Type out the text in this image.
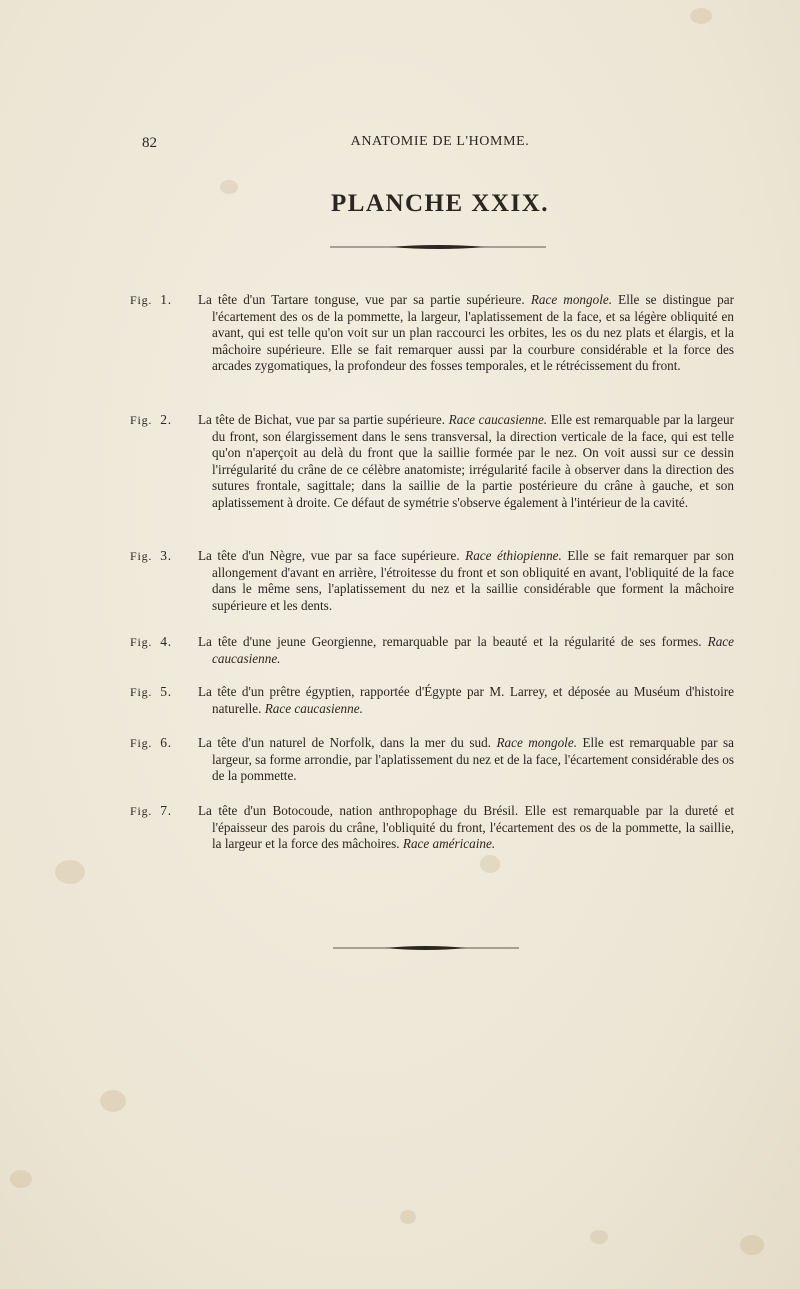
82	ANATOMIE DE L'HOMME.
PLANCHE XXIX.
Fig. 1. La tête d'un Tartare tonguse, vue par sa partie supérieure. Race mongole. Elle se distingue par l'écartement des os de la pommette, la largeur, l'aplatissement de la face, et sa légère obliquité en avant, qui est telle qu'on voit sur un plan raccourci les orbites, les os du nez plats et élargis, et la mâchoire supérieure. Elle se fait remarquer aussi par la courbure considérable et la force des arcades zygomatiques, la profondeur des fosses temporales, et le rétrécissement du front.
Fig. 2. La tête de Bichat, vue par sa partie supérieure. Race caucasienne. Elle est remarquable par la largeur du front, son élargissement dans le sens transversal, la direction verticale de la face, qui est telle qu'on n'aperçoit au delà du front que la saillie formée par le nez. On voit aussi sur ce dessin l'irrégularité du crâne de ce célèbre anatomiste; irrégularité facile à observer dans la direction des sutures frontale, sagittale; dans la saillie de la partie postérieure du crâne à gauche, et son aplatissement à droite. Ce défaut de symétrie s'observe également à l'intérieur de la cavité.
Fig. 3. La tête d'un Nègre, vue par sa face supérieure. Race éthiopienne. Elle se fait remarquer par son allongement d'avant en arrière, l'étroitesse du front et son obliquité en avant, l'obliquité de la face dans le même sens, l'aplatissement du nez et la saillie considérable que forment la mâchoire supérieure et les dents.
Fig. 4. La tête d'une jeune Georgienne, remarquable par la beauté et la régularité de ses formes. Race caucasienne.
Fig. 5. La tête d'un prêtre égyptien, rapportée d'Égypte par M. Larrey, et déposée au Muséum d'histoire naturelle. Race caucasienne.
Fig. 6. La tête d'un naturel de Norfolk, dans la mer du sud. Race mongole. Elle est remarquable par sa largeur, sa forme arrondie, par l'aplatissement du nez et de la face, l'écartement considérable des os de la pommette.
Fig. 7. La tête d'un Botocoude, nation anthropophage du Brésil. Elle est remarquable par la dureté et l'épaisseur des parois du crâne, l'obliquité du front, l'écartement des os de la pommette, la saillie, la largeur et la force des mâchoires. Race américaine.
